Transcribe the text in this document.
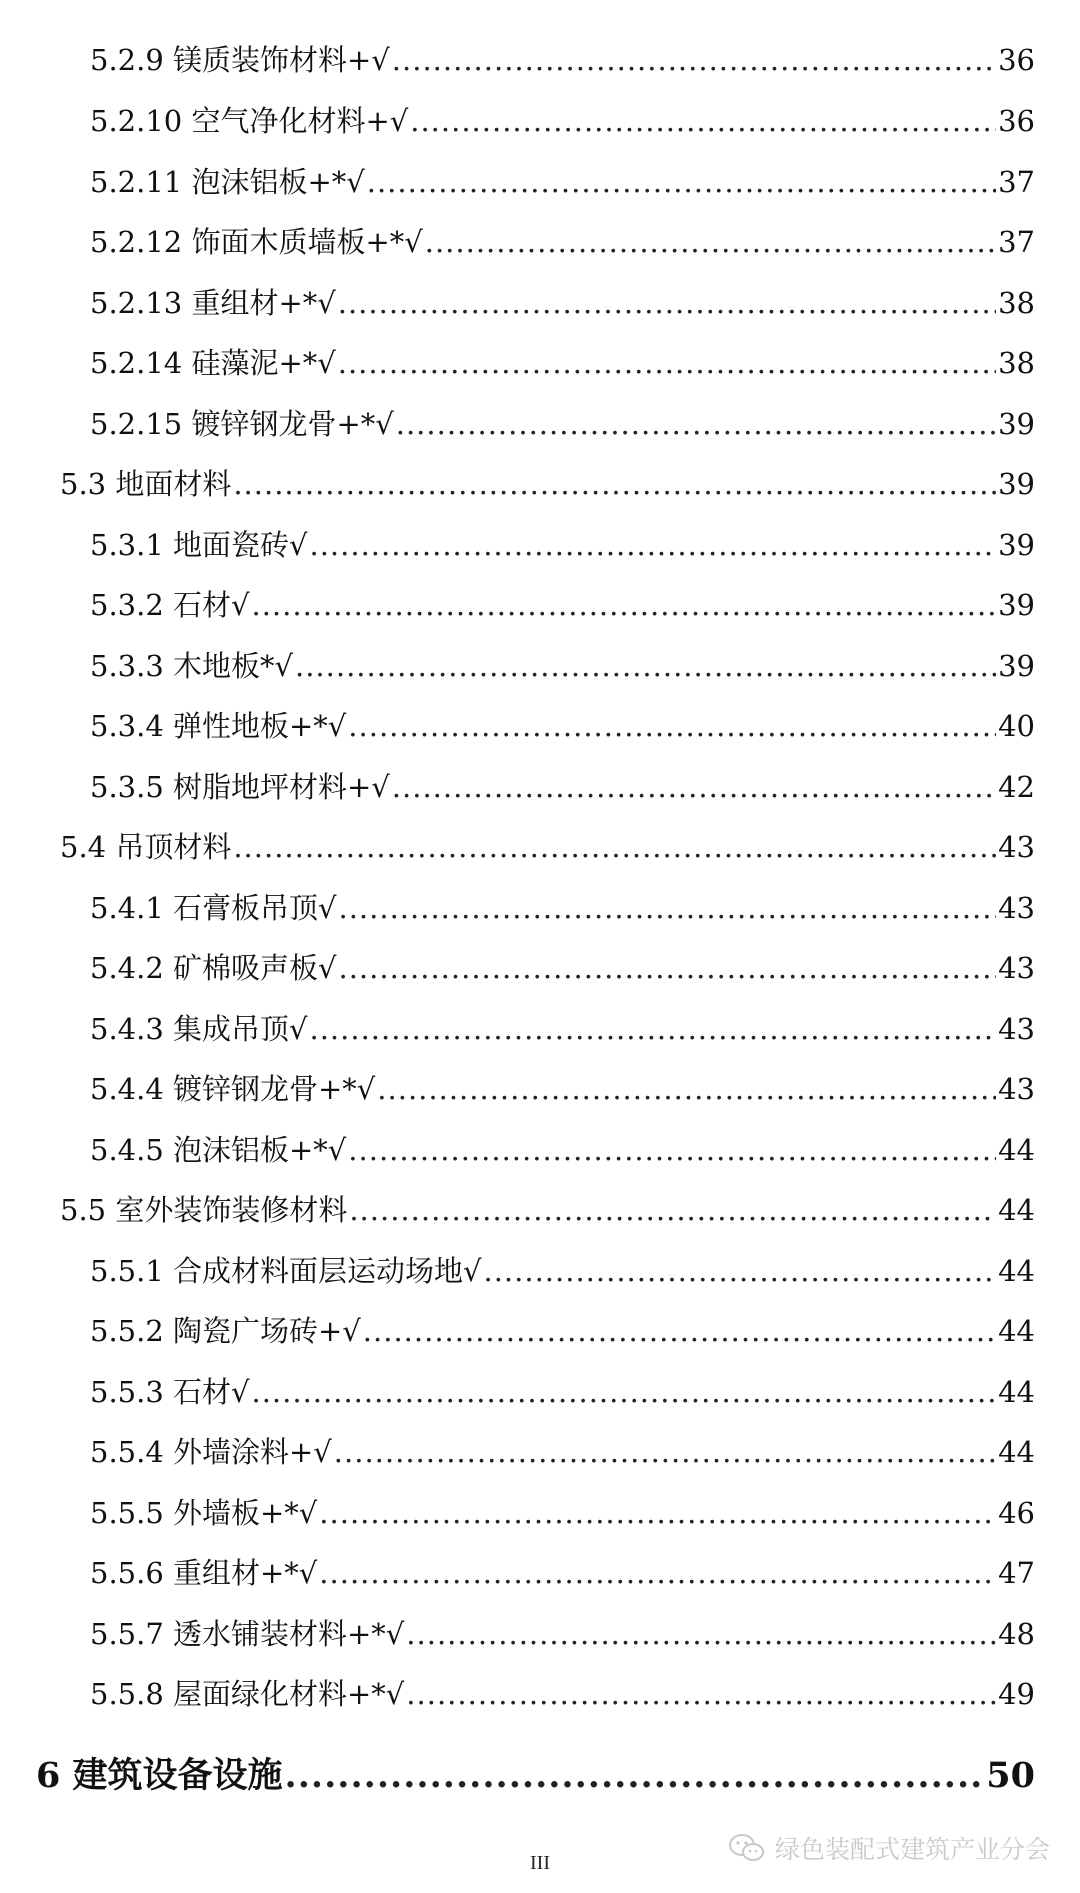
5.2.9 镁质装饰材料+√ .....	36
5.2.10 空气净化材料+√ .....	36
5.2.11 泡沫铝板+*√ .....	37
5.2.12 饰面木质墙板+*√ .....	37
5.2.13 重组材+*√ .....	38
5.2.14 硅藻泥+*√ .....	38
5.2.15 镀锌钢龙骨+*√ .....	39
5.3 地面材料 .....	39
5.3.1 地面瓷砖√ .....	39
5.3.2 石材√ .....	39
5.3.3 木地板*√ .....	39
5.3.4 弹性地板+*√ .....	40
5.3.5 树脂地坪材料+√ .....	42
5.4 吊顶材料 .....	43
5.4.1 石膏板吊顶√ .....	43
5.4.2 矿棉吸声板√ .....	43
5.4.3 集成吊顶√ .....	43
5.4.4 镀锌钢龙骨+*√ .....	43
5.4.5 泡沫铝板+*√ .....	44
5.5 室外装饰装修材料 .....	44
5.5.1 合成材料面层运动场地√ .....	44
5.5.2 陶瓷广场砖+√ .....	44
5.5.3 石材√ .....	44
5.5.4 外墙涂料+√ .....	44
5.5.5 外墙板+*√ .....	46
5.5.6 重组材+*√ .....	47
5.5.7 透水铺装材料+*√ .....	48
5.5.8 屋面绿化材料+*√ .....	49
6 建筑设备设施 .....	50
绿色装配式建筑产业分会
III
